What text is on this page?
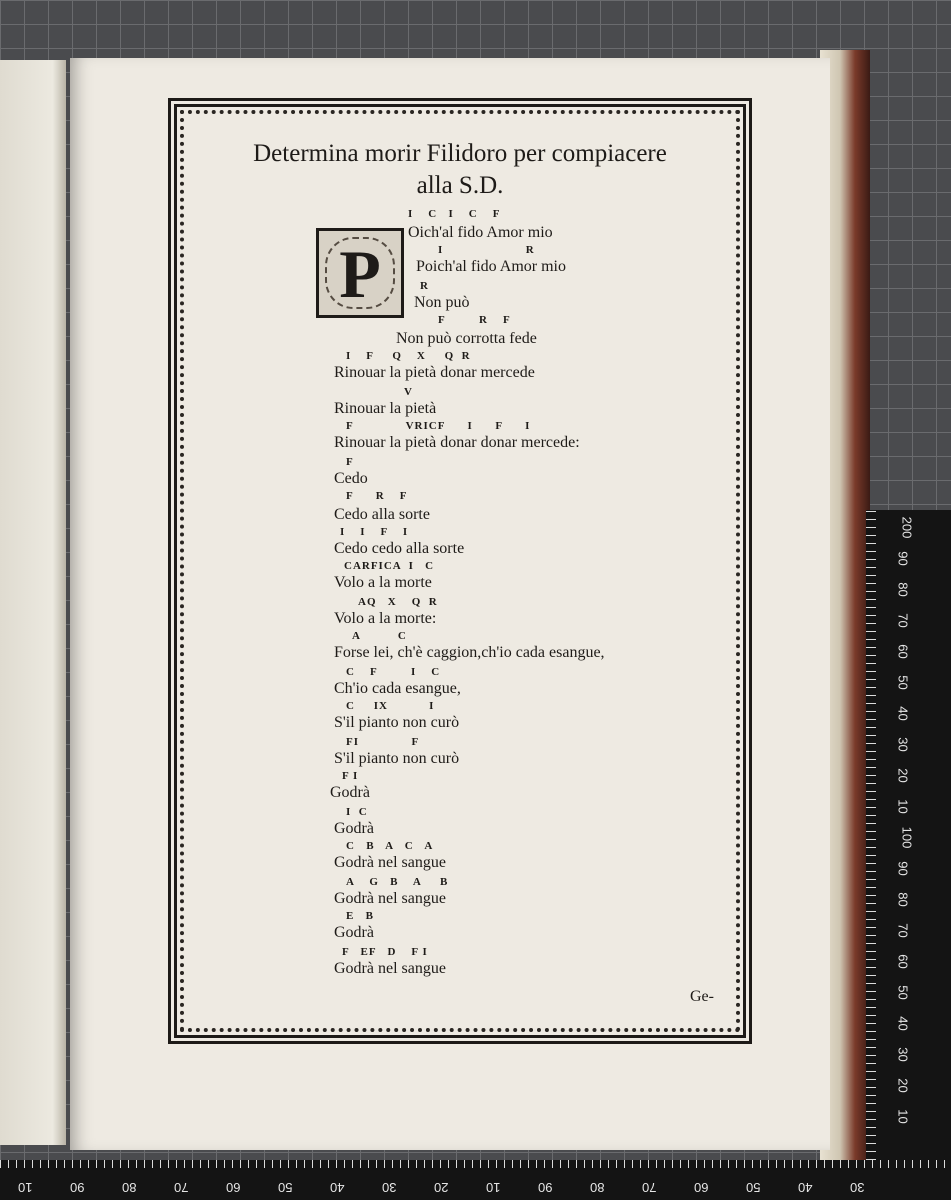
Determina morir Filidoro per compiacere
alla S.D.
P
I    C   I    C    F
Oich'al fido Amor mio
I                      R
Poich'al fido Amor mio
R
Non può
F         R    F
Non può corrotta fede
I    F     Q    X     Q  R
Rinouar la pietà donar mercede
V
Rinouar la pietà
F              VRICF      I      F      I
Rinouar la pietà donar donar mercede:
F
Cedo
F      R    F
Cedo alla sorte
I    I    F    I
Cedo cedo alla sorte
CARFICA  I   C
Volo a la morte
AQ   X    Q  R
Volo a la morte:
A          C
Forse lei, ch'è caggion,ch'io cada esangue,
C    F         I    C
Ch'io cada esangue,
C     IX           I
S'il pianto non curò
FI              F
S'il pianto non curò
F I
Godrà
I  C
Godrà
C   B   A   C   A
Godrà nel sangue
A    G   B    A     B
Godrà nel sangue
E   B
Godrà
F   EF   D    F I
Godrà nel sangue
Ge-
10	90	80	70	60	50	40	30	20	10	90	80	70	60	50	40	30
200
90
80
70
60
50
40
30
20
10
100
90
80
70
60
50
40
30
20
10
